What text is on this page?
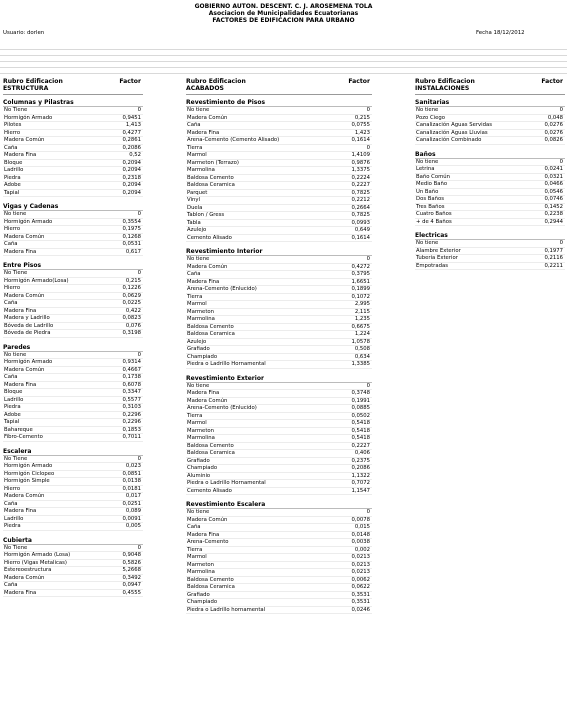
GOBIERNO AUTON. DESCENT. C. J. AROSEMENA TOLA
Asociacion de Municipalidades Ecuatorianas
FACTORES DE EDIFICACION PARA URBANO
Usuario: dorlen	Fecha 18/12/2012
Rubro Edificacion
ESTRUCTURA
Factor
Columnas y Pilastras
No Tiene	0
Hormigón Armado	0,9451
Pilotes	1,413
Hierro	0,4277
Madera Común	0,2861
Caña	0,2086
Madera Fina	0,52
Bloque	0,2094
Ladrillo	0,2094
Piedra	0,2318
Adobe	0,2094
Tapial	0,2094
Vigas y Cadenas
No tiene	0
Hormigón Armado	0,3554
Hierro	0,1975
Madera Común	0,1268
Caña	0,0531
Madera Fina	0,617
Entre Pisos
No Tiene	0
Hormigón Armado(Losa)	0,215
Hierro	0,1226
Madera Común	0,0629
Caña	0,0225
Madera Fina	0,422
Madera y Ladrillo	0,0823
Bóveda de Ladrillo	0,076
Bóveda de Piedra	0,3198
Paredes
No tiene	0
Hormigón Armado	0,9314
Madera Común	0,4667
Caña	0,1738
Madera Fina	0,6078
Bloque	0,3347
Ladrillo	0,5577
Piedra	0,3103
Adobe	0,2296
Tapial	0,2296
Bahareque	0,1853
Fibro-Cemento	0,7011
Escalera
No Tiene	0
Hormigón Armado	0,023
Hormigón Ciclopeo	0,0851
Hormigón Simple	0,0138
Hierro	0,0181
Madera Común	0,017
Caña	0,0251
Madera Fina	0,089
Ladrillo	0,0091
Piedra	0,005
Cubierta
No Tiene	0
Hormigón Armado (Losa)	0,9048
Hierro (Vigas Metalicas)	0,5826
Estereoestructura	5,2668
Madera Común	0,3492
Caña	0,0947
Madera Fina	0,4555
Rubro Edificacion
ACABADOS
Factor
Revestimiento de Pisos
No tiene	0
Madera Común	0,215
Caña	0,0755
Madera Fina	1,423
Arena-Cemento (Cemento Alisado)	0,1614
Tierra	0
Marmol	1,4109
Marmeton (Terrazo)	0,9876
Marmolina	1,3375
Baldosa Cemento	0,2224
Baldosa Ceramica	0,2227
Parquet	0,7825
Vinyl	0,2212
Duela	0,2664
Tablon / Gress	0,7825
Tabla	0,0993
Azulejo	0,649
Cemento Alisado	0,1614
Revestimiento Interior
No tiene	0
Madera Común	0,4272
Caña	0,3795
Madera Fina	1,6651
Arena-Cemento (Enlucido)	0,1899
Tierra	0,1072
Marmol	2,995
Marmeton	2,115
Marmolina	1,235
Baldosa Cemento	0,6675
Baldosa Ceramica	1,224
Azulejo	1,0578
Grafiado	0,508
Champiado	0,634
Piedra o Ladrillo Hornamental	1,3385
Revestimiento Exterior
No tiene	0
Madera Fina	0,3748
Madera Común	0,1991
Arena-Cemento (Enlucido)	0,0885
Tierra	0,0502
Marmol	0,5418
Marmeton	0,5418
Marmolina	0,5418
Baldosa Cemento	0,2227
Baldosa Ceramica	0,406
Grafiado	0,2375
Champiado	0,2086
Aluminio	1,1322
Piedra o Ladrillo Hornamental	0,7072
Cemento Alisado	1,1547
Revestimiento Escalera
No tiene	0
Madera Común	0,0078
Caña	0,015
Madera Fina	0,0148
Arena-Cemento	0,0038
Tierra	0,002
Marmol	0,0213
Marmeton	0,0213
Marmolina	0,0213
Baldosa Cemento	0,0062
Baldosa Ceramica	0,0622
Grafiado	0,3531
Champiado	0,3531
Piedra o Ladrillo hornamental	0,0246
Rubro Edificacion
INSTALACIONES
Factor
Sanitarias
No tiene	0
Pozo Ciego	0,048
Canalización Aguas Servidas	0,0276
Canalización Aguas Lluvias	0,0276
Canalización Combinado	0,0826
Baños
No tiene	0
Letrina	0,0241
Baño Común	0,0321
Medio Baño	0,0466
Un Baño	0,0546
Dos Baños	0,0746
Tres Baños	0,1452
Cuatro Baños	0,2238
+ de 4 Baños	0,2944
Electricas
No tiene	0
Alambre Exterior	0,1977
Tuberia Exterior	0,2116
Empotradas	0,2211
